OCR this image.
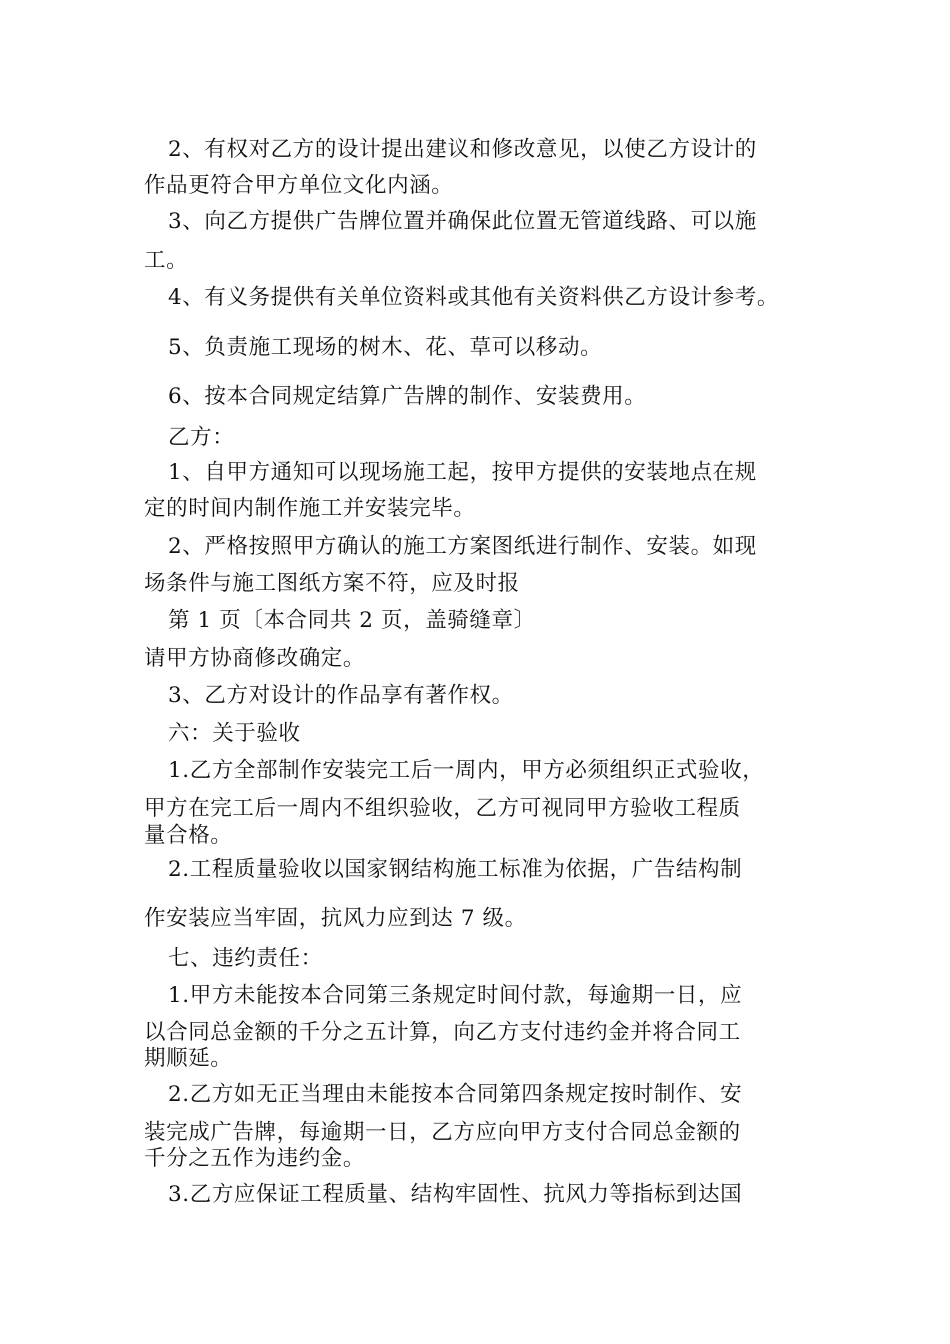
2、有权对乙方的设计提出建议和修改意见，以使乙方设计的
作品更符合甲方单位文化内涵。
3、向乙方提供广告牌位置并确保此位置无管道线路、可以施
工。
4、有义务提供有关单位资料或其他有关资料供乙方设计参考。
5、负责施工现场的树木、花、草可以移动。
6、按本合同规定结算广告牌的制作、安装费用。
乙方：
1、自甲方通知可以现场施工起，按甲方提供的安装地点在规
定的时间内制作施工并安装完毕。
2、严格按照甲方确认的施工方案图纸进行制作、安装。如现
场条件与施工图纸方案不符，应及时报
第 1 页〔本合同共 2 页，盖骑缝章〕
请甲方协商修改确定。
3、乙方对设计的作品享有著作权。
六：关于验收
1.乙方全部制作安装完工后一周内，甲方必须组织正式验收，
甲方在完工后一周内不组织验收，乙方可视同甲方验收工程质
量合格。
2.工程质量验收以国家钢结构施工标准为依据，广告结构制
作安装应当牢固，抗风力应到达 7 级。
七、违约责任：
1.甲方未能按本合同第三条规定时间付款，每逾期一日，应
以合同总金额的千分之五计算，向乙方支付违约金并将合同工
期顺延。
2.乙方如无正当理由未能按本合同第四条规定按时制作、安
装完成广告牌，每逾期一日，乙方应向甲方支付合同总金额的
千分之五作为违约金。
3.乙方应保证工程质量、结构牢固性、抗风力等指标到达国
